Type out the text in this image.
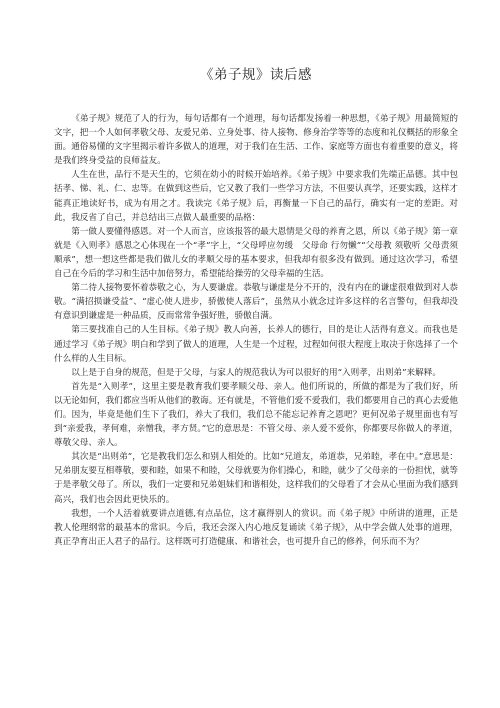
《弟子规》读后感

《弟子规》规范了人的行为，每句话都有一个道理，每句话都发扬着一种思想，《弟子规》用最简短的文字，把一个人如何孝敬父母、友爱兄弟、立身处事、待人接物、修身治学等等的态度和礼仪概括的形象全面。通俗易懂的文字里揭示着许多做人的道理，对于我们在生活、工作、家庭等方面也有着重要的意义，将是我们终身受益的良师益友。

人生在世，品行不是天生的，它须在幼小的时候开始培养。《弟子规》中要求我们先端正品德。其中包括孝、悌、礼、仁、忠等。在做到这些后，它又教了我们一些学习方法，不但要认真学，还要实践，这样才能真正地读好书，成为有用之才。我读完《弟子规》后，再衡量一下自己的品行，确实有一定的差距。对此，我反省了自己，并总结出三点做人最重要的品格：

第一做人要懂得感恩。对一个人而言，应该报答的最大恩情是父母的养育之恩，所以《弟子规》第一章就是《入则孝》感恩之心体现在一个“孝”字上，“父母呼应勿缓　父母命 行勿懒”“父母教 须敬听 父母责须顺承”，想一想这些都是我们做儿女的孝顺父母的基本要求，但我却有很多没有做到。通过这次学习，希望自己在今后的学习和生活中加倍努力，希望能给操劳的父母幸福的生活。

第二待人接物要怀着恭敬之心，为人要谦虚。恭敬与谦虚是分不开的，没有内在的谦虚很难做到对人恭敬。“满招损谦受益”、“虚心使人进步，骄傲使人落后”，虽然从小就念过许多这样的名言警句，但我却没有意识到谦虚是一种品质，反而常常争强好胜，骄傲自满。

第三要找准自己的人生目标。《弟子规》教人向善，长养人的德行，目的是让人活得有意义。而我也是通过学习《弟子规》明白和学到了做人的道理，人生是一个过程，过程如何很大程度上取决于你选择了一个什么样的人生目标。

以上是于自身的规范，但是于父母，与家人的规范我认为可以很好的用“入则孝，出则弟”来解释。

首先是“入则孝”，这里主要是教育我们要孝顺父母、亲人。他们所说的，所做的都是为了我们好，所以无论如何，我们都应当听从他们的教诲。还有就是，不管他们爱不爱我们，我们都要用自己的真心去爱他们。因为，毕竟是他们生下了我们，养大了我们，我们总不能忘记养育之恩吧？更何况弟子规里面也有写到“亲爱我，孝何难，亲憎我，孝方贤。”它的意思是：不管父母、亲人爱不爱你，你都要尽你做人的孝道，尊敬父母、亲人。

其次是“出则弟”，它是教我们怎么和别人相处的。比如“兄道友，弟道恭，兄弟睦，孝在中。”意思是：兄弟朋友要互相尊敬，要和睦，如果不和睦，父母就要为你们操心，和睦，就少了父母亲的一份担忧，就等于是孝敬父母了。所以，我们一定要和兄弟姐妹们和谐相处，这样我们的父母看了才会从心里面为我们感到高兴，我们也会因此更快乐的。

我想，一个人活着就要讲点道德,有点品位，这才赢得别人的赏识。而《弟子规》中所讲的道理，正是教人伦理纲常的最基本的常识。今后，我还会深入内心地反复诵读《弟子规》，从中学会做人处事的道理，真正孕育出正人君子的品行。这样既可打造健康、和谐社会，也可提升自己的修养，何乐而不为？
